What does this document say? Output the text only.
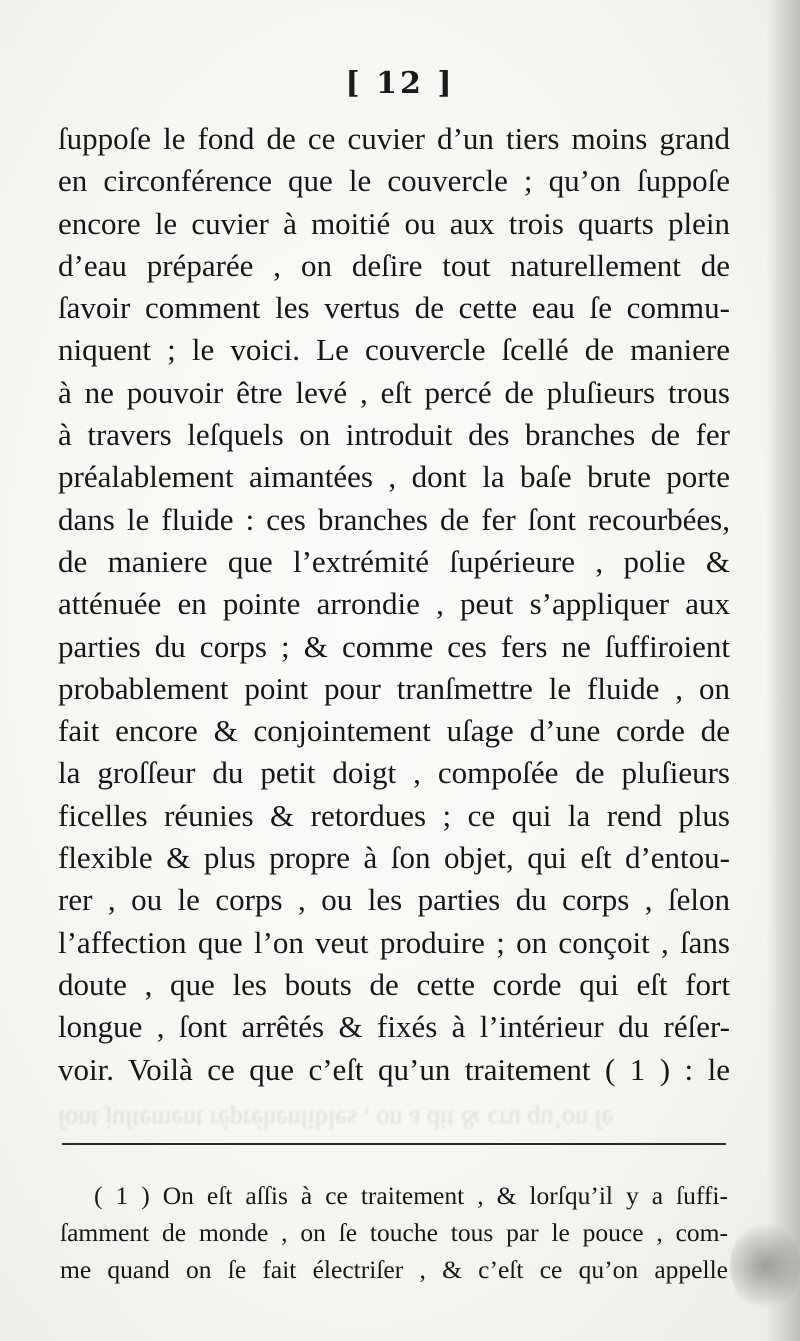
[ 12 ]
ſuppoſe le fond de ce cuvier d’un tiers moins grand
en circonférence que le couvercle ; qu’on ſuppoſe
encore le cuvier à moitié ou aux trois quarts plein
d’eau préparée , on deſire tout naturellement de
ſavoir comment les vertus de cette eau ſe commu-
niquent ; le voici. Le couvercle ſcellé de maniere
à ne pouvoir être levé , eſt percé de pluſieurs trous
à travers leſquels on introduit des branches de fer
préalablement aimantées , dont la baſe brute porte
dans le fluide : ces branches de fer ſont recourbées,
de maniere que l’extrémité ſupérieure , polie &
atténuée en pointe arrondie , peut s’appliquer aux
parties du corps ; & comme ces fers ne ſuffiroient
probablement point pour tranſmettre le fluide , on
fait encore & conjointement uſage d’une corde de
la groſſeur du petit doigt , compoſée de pluſieurs
ficelles réunies & retordues ; ce qui la rend plus
flexible & plus propre à ſon objet, qui eſt d’entou-
rer , ou le corps , ou les parties du corps , ſelon
l’affection que l’on veut produire ; on conçoit , ſans
doute , que les bouts de cette corde qui eſt fort
longue , ſont arrêtés & fixés à l’intérieur du réſer-
voir. Voilà ce que c’eſt qu’un traitement ( 1 ) : le
ſont juſtement répréhenſibles , on a dit & cru qu’on ſe
( 1 ) On eſt aſſis à ce traitement , & lorſqu’il y a ſuffi-
ſamment de monde , on ſe touche tous par le pouce , com-
me quand on ſe fait électriſer , & c’eſt ce qu’on appelle
